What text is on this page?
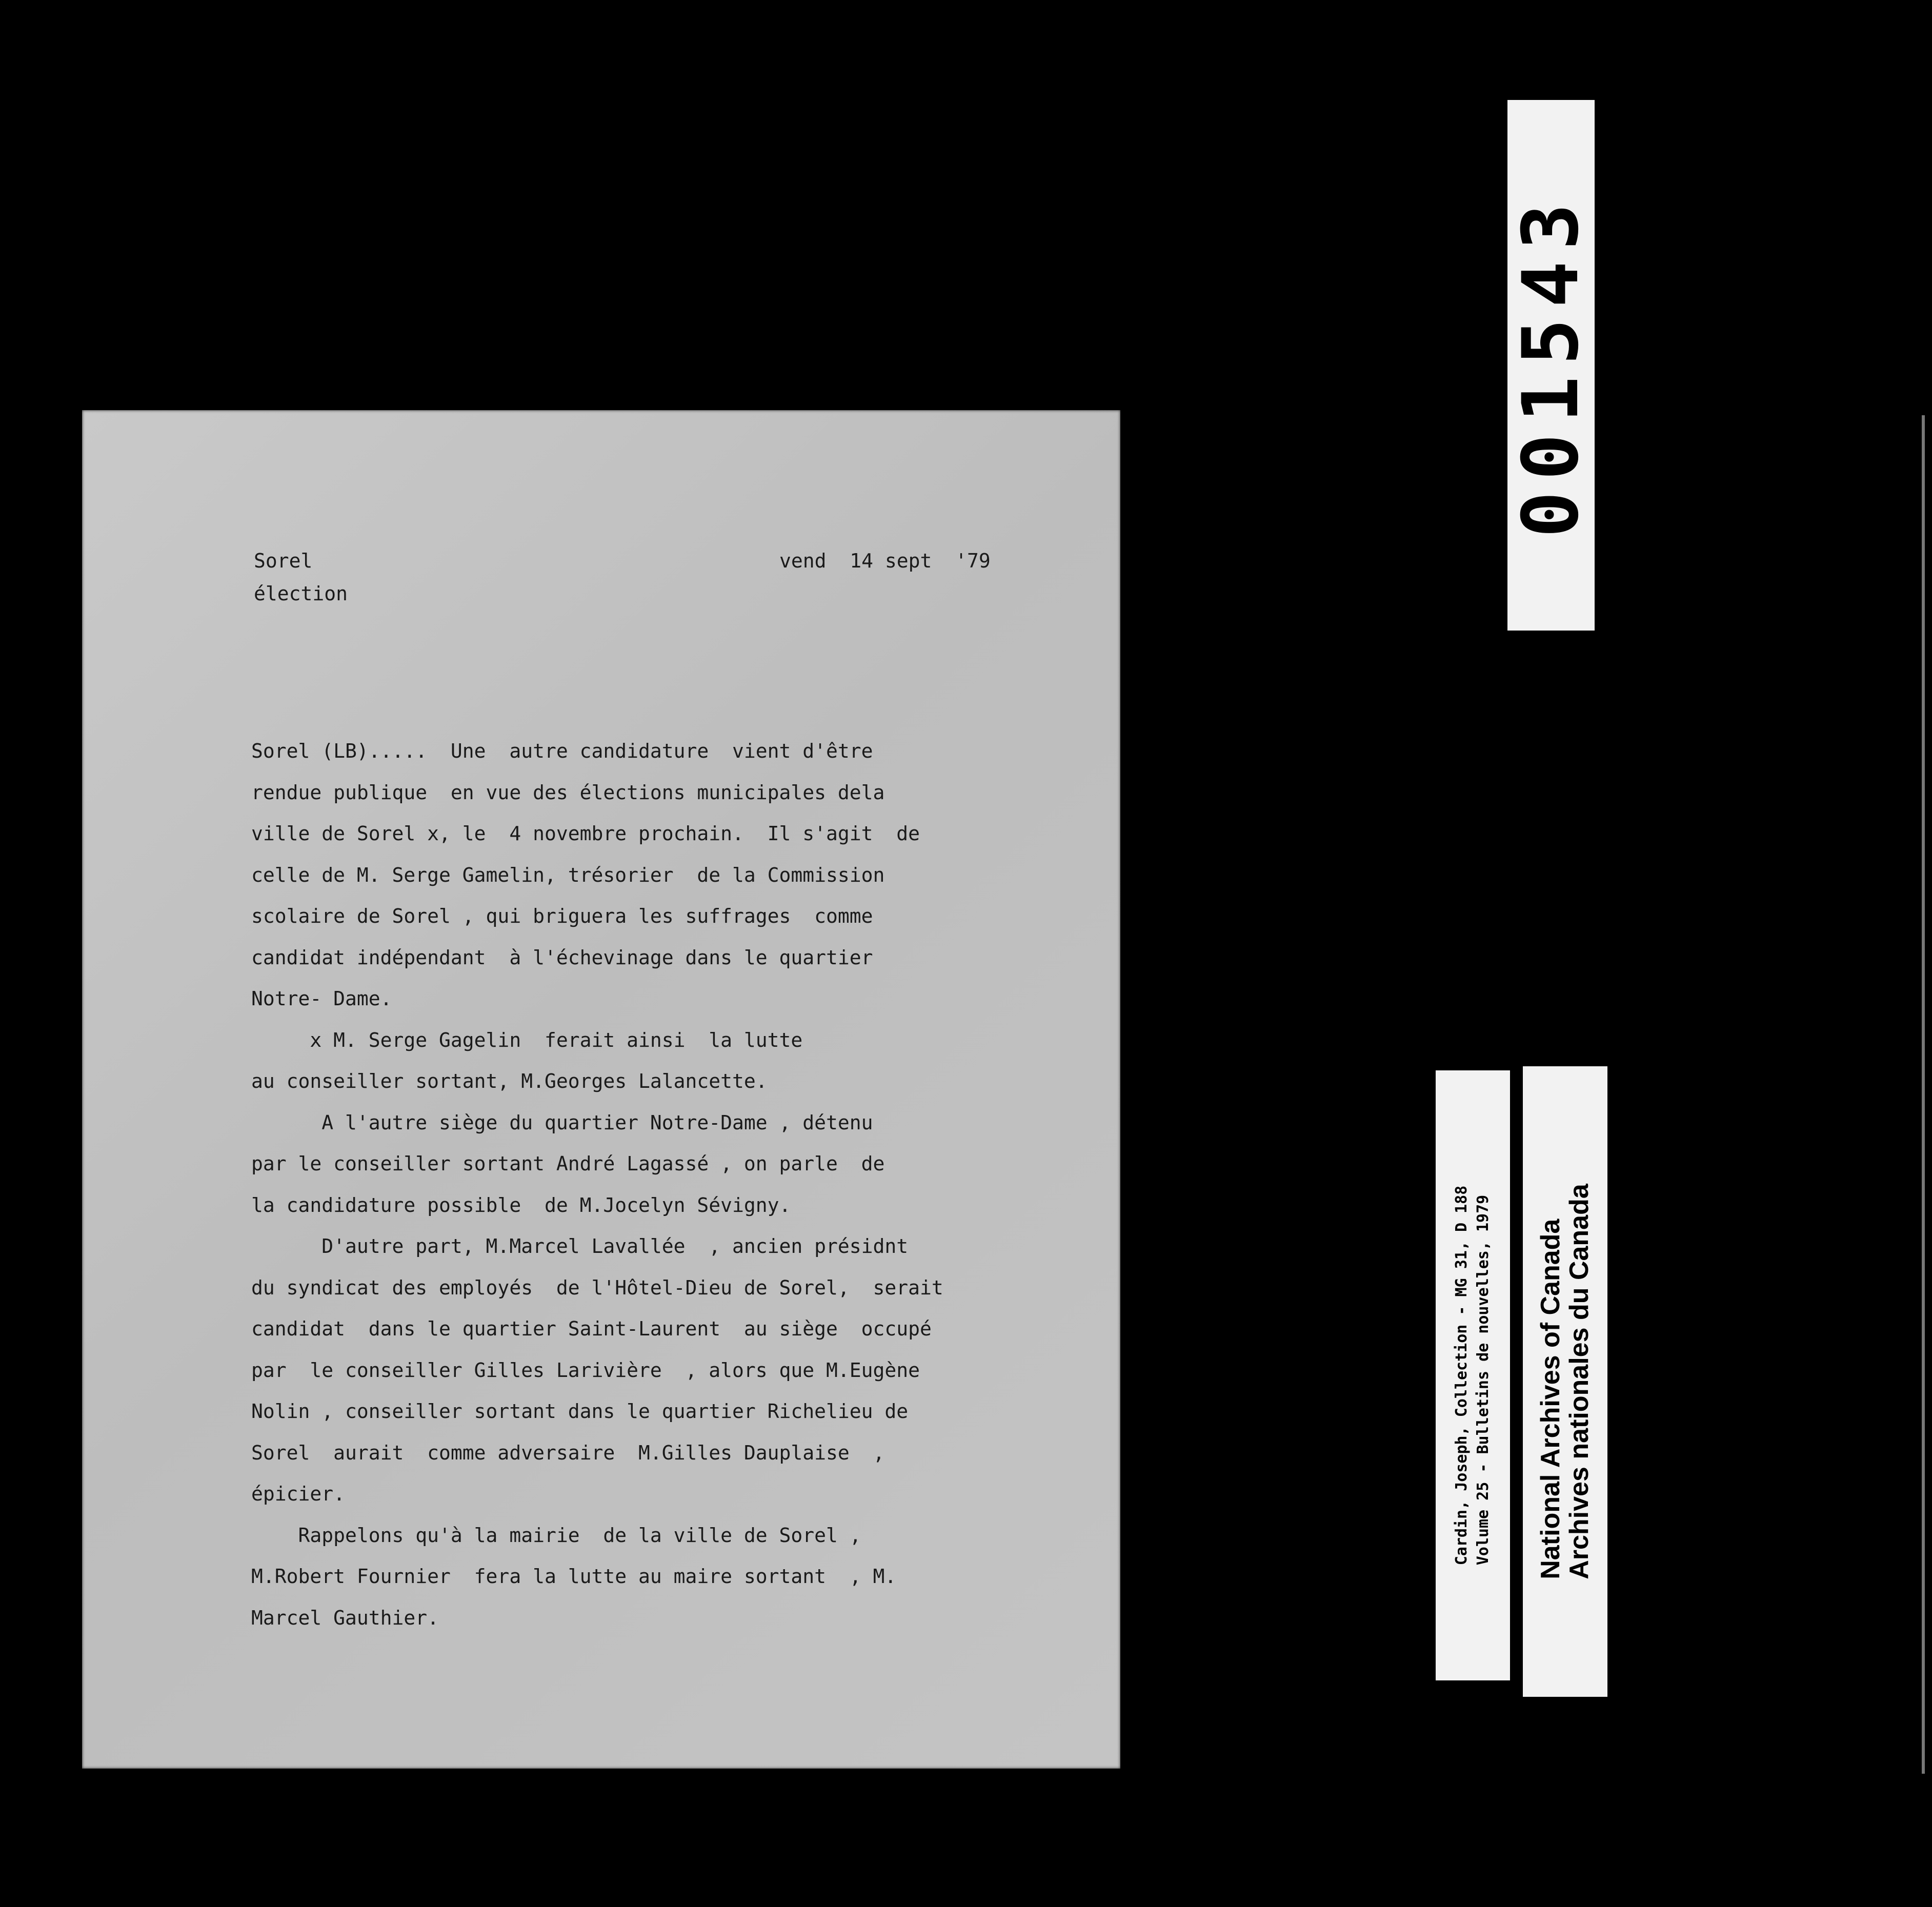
Sorel
élection
vend  14 sept  '79
Sorel (LB).....  Une  autre candidature  vient d'être
rendue publique  en vue des élections municipales dela
ville de Sorel x, le  4 novembre prochain.  Il s'agit  de
celle de M. Serge Gamelin, trésorier  de la Commission
scolaire de Sorel , qui briguera les suffrages  comme
candidat indépendant  à l'échevinage dans le quartier
Notre- Dame.
x M. Serge Gagelin  ferait ainsi  la lutte
au conseiller sortant, M.Georges Lalancette.
A l'autre siège du quartier Notre-Dame , détenu
par le conseiller sortant André Lagassé , on parle  de
la candidature possible  de M.Jocelyn Sévigny.
D'autre part, M.Marcel Lavallée  , ancien présidnt
du syndicat des employés  de l'Hôtel-Dieu de Sorel,  serait
candidat  dans le quartier Saint-Laurent  au siège  occupé
par  le conseiller Gilles Larivière  , alors que M.Eugène
Nolin , conseiller sortant dans le quartier Richelieu de
Sorel  aurait  comme adversaire  M.Gilles Dauplaise  ,
épicier.
Rappelons qu'à la mairie  de la ville de Sorel ,
M.Robert Fournier  fera la lutte au maire sortant  , M.
Marcel Gauthier.
001543
Cardin, Joseph, Collection - MG 31, D 188 Volume 25 - Bulletins de nouvelles, 1979 National Archives of Canada
Archives nationales du Canada
